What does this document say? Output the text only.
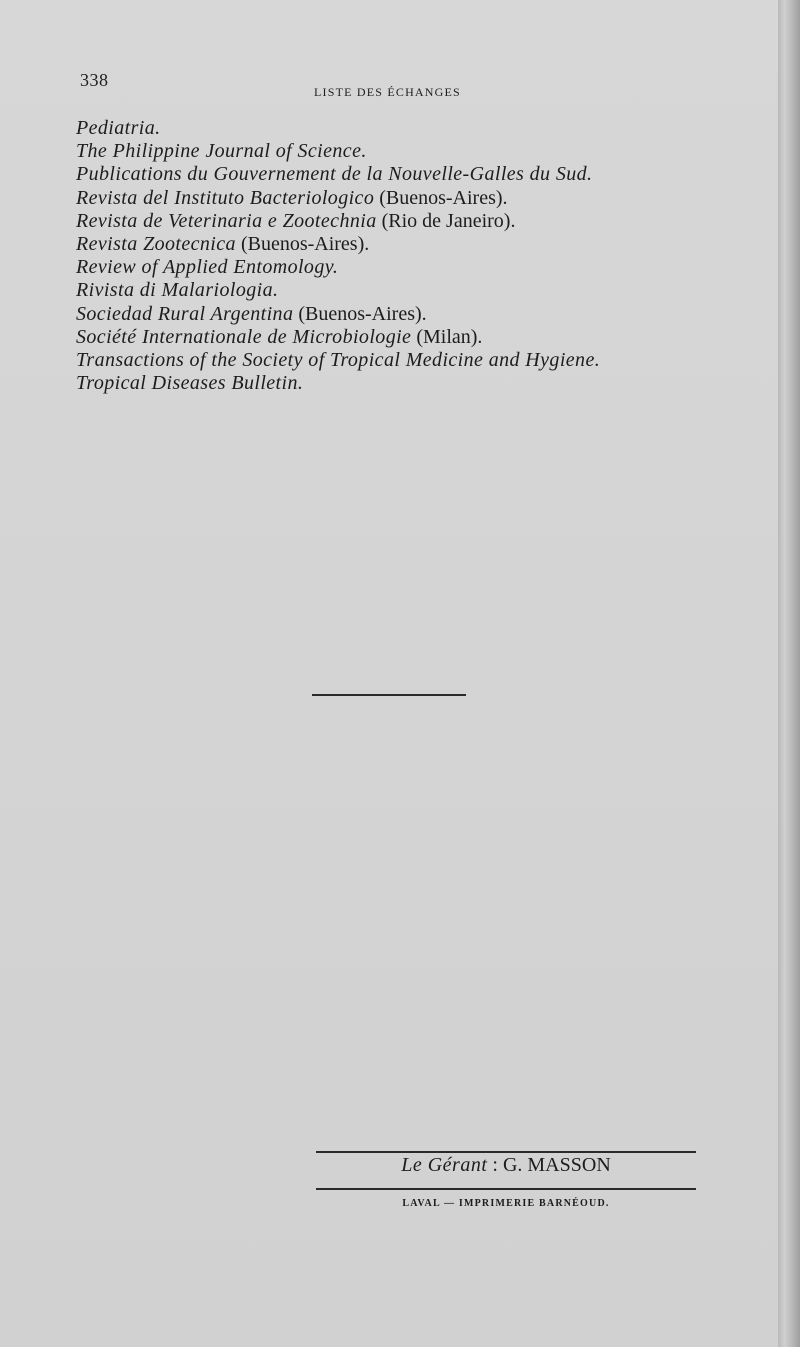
338
LISTE DES ÉCHANGES
Pediatria.
The Philippine Journal of Science.
Publications du Gouvernement de la Nouvelle-Galles du Sud.
Revista del Instituto Bacteriologico (Buenos-Aires).
Revista de Veterinaria e Zootechnia (Rio de Janeiro).
Revista Zootecnica (Buenos-Aires).
Review of Applied Entomology.
Rivista di Malariologia.
Sociedad Rural Argentina (Buenos-Aires).
Société Internationale de Microbiologie (Milan).
Transactions of the Society of Tropical Medicine and Hygiene.
Tropical Diseases Bulletin.
Le Gérant : G. MASSON
LAVAL — IMPRIMERIE BARNÉOUD.
